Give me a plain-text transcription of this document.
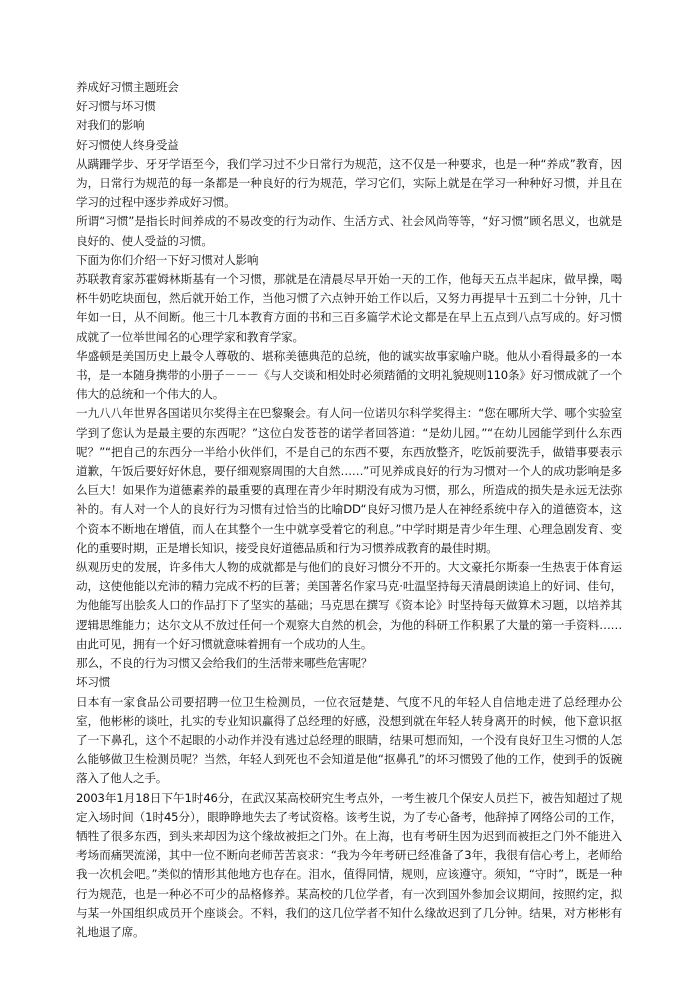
养成好习惯主题班会
好习惯与坏习惯
对我们的影响
好习惯使人终身受益
从蹒跚学步、牙牙学语至今，我们学习过不少日常行为规范，这不仅是一种要求，也是一种“养成”教育，因为，日常行为规范的每一条都是一种良好的行为规范，学习它们，实际上就是在学习一种种好习惯，并且在学习的过程中逐步养成好习惯。
所谓“习惯”是指长时间养成的不易改变的行为动作、生活方式、社会风尚等等，“好习惯”顾名思义，也就是良好的、使人受益的习惯。
下面为你们介绍一下好习惯对人影响
苏联教育家苏霍姆林斯基有一个习惯，那就是在清晨尽早开始一天的工作，他每天五点半起床，做早操，喝杯牛奶吃块面包，然后就开始工作，当他习惯了六点钟开始工作以后，又努力再提早十五到二十分钟，几十年如一日，从不间断。他三十几本教育方面的书和三百多篇学术论文都是在早上五点到八点写成的。好习惯成就了一位举世闻名的心理学家和教育学家。
华盛顿是美国历史上最令人尊敬的、堪称美德典范的总统，他的诚实故事家喻户晓。他从小看得最多的一本书，是一本随身携带的小册子－－－《与人交谈和相处时必须踏循的文明礼貌规则110条》好习惯成就了一个伟大的总统和一个伟大的人。
一九八八年世界各国诺贝尔奖得主在巴黎聚会。有人问一位诺贝尔科学奖得主：“您在哪所大学、哪个实验室学到了您认为是最主要的东西呢？”这位白发苍苍的诺学者回答道：“是幼儿园。”“在幼儿园能学到什么东西呢？”“把自己的东西分一半给小伙伴们，不是自己的东西不要，东西放整齐，吃饭前要洗手，做错事要表示道歉，午饭后要好好休息，要仔细观察周围的大自然……”可见养成良好的行为习惯对一个人的成功影响是多么巨大！如果作为道德素养的最重要的真理在青少年时期没有成为习惯，那么，所造成的损失是永远无法弥补的。有人对一个人的良好行为习惯有过恰当的比喻DD“良好习惯乃是人在神经系统中存入的道德资本，这个资本不断地在增值，而人在其整个一生中就享受着它的利息。”中学时期是青少年生理、心理急剧发育、变化的重要时期，正是增长知识，接受良好道德品质和行为习惯养成教育的最佳时期。
纵观历史的发展，许多伟大人物的成就都是与他们的良好习惯分不开的。大文豪托尔斯泰一生热衷于体育运动，这使他能以充沛的精力完成不朽的巨著；美国著名作家马克·吐温坚持每天清晨朗读追上的好词、佳句，为他能写出脍炙人口的作品打下了坚实的基础；马克思在撰写《资本论》时坚持每天做算术习题，以培养其逻辑思维能力；达尔文从不放过任何一个观察大自然的机会，为他的科研工作积累了大量的第一手资料……由此可见，拥有一个好习惯就意味着拥有一个成功的人生。
那么，不良的行为习惯又会给我们的生活带来哪些危害呢？
坏习惯
日本有一家食品公司要招聘一位卫生检测员，一位衣冠楚楚、气度不凡的年轻人自信地走进了总经理办公室，他彬彬的谈吐，扎实的专业知识赢得了总经理的好感，没想到就在年轻人转身离开的时候，他下意识抠了一下鼻孔，这个不起眼的小动作并没有逃过总经理的眼睛，结果可想而知，一个没有良好卫生习惯的人怎么能够做卫生检测员呢？当然，年轻人到死也不会知道是他“抠鼻孔”的坏习惯毁了他的工作，使到手的饭碗落入了他人之手。
2003年1月18日下午1时46分，在武汉某高校研究生考点外，一考生被几个保安人员拦下，被告知超过了规定入场时间（1时45分），眼睁睁地失去了考试资格。该考生说，为了专心备考，他辞掉了网络公司的工作，牺牲了很多东西，到头来却因为这个缘故被拒之门外。在上海，也有考研生因为迟到而被拒之门外不能进入考场而痛哭流涕，其中一位不断向老师苦苦哀求：“我为今年考研已经准备了3年，我很有信心考上，老师给我一次机会吧。”类似的情形其他地方也存在。泪水，值得同情，规则，应该遵守。须知，“守时”，既是一种行为规范，也是一种必不可少的品格修养。某高校的几位学者，有一次到国外参加会议期间，按照约定，拟与某一外国组织成员开个座谈会。不料，我们的这几位学者不知什么缘故迟到了几分钟。结果，对方彬彬有礼地退了席。
